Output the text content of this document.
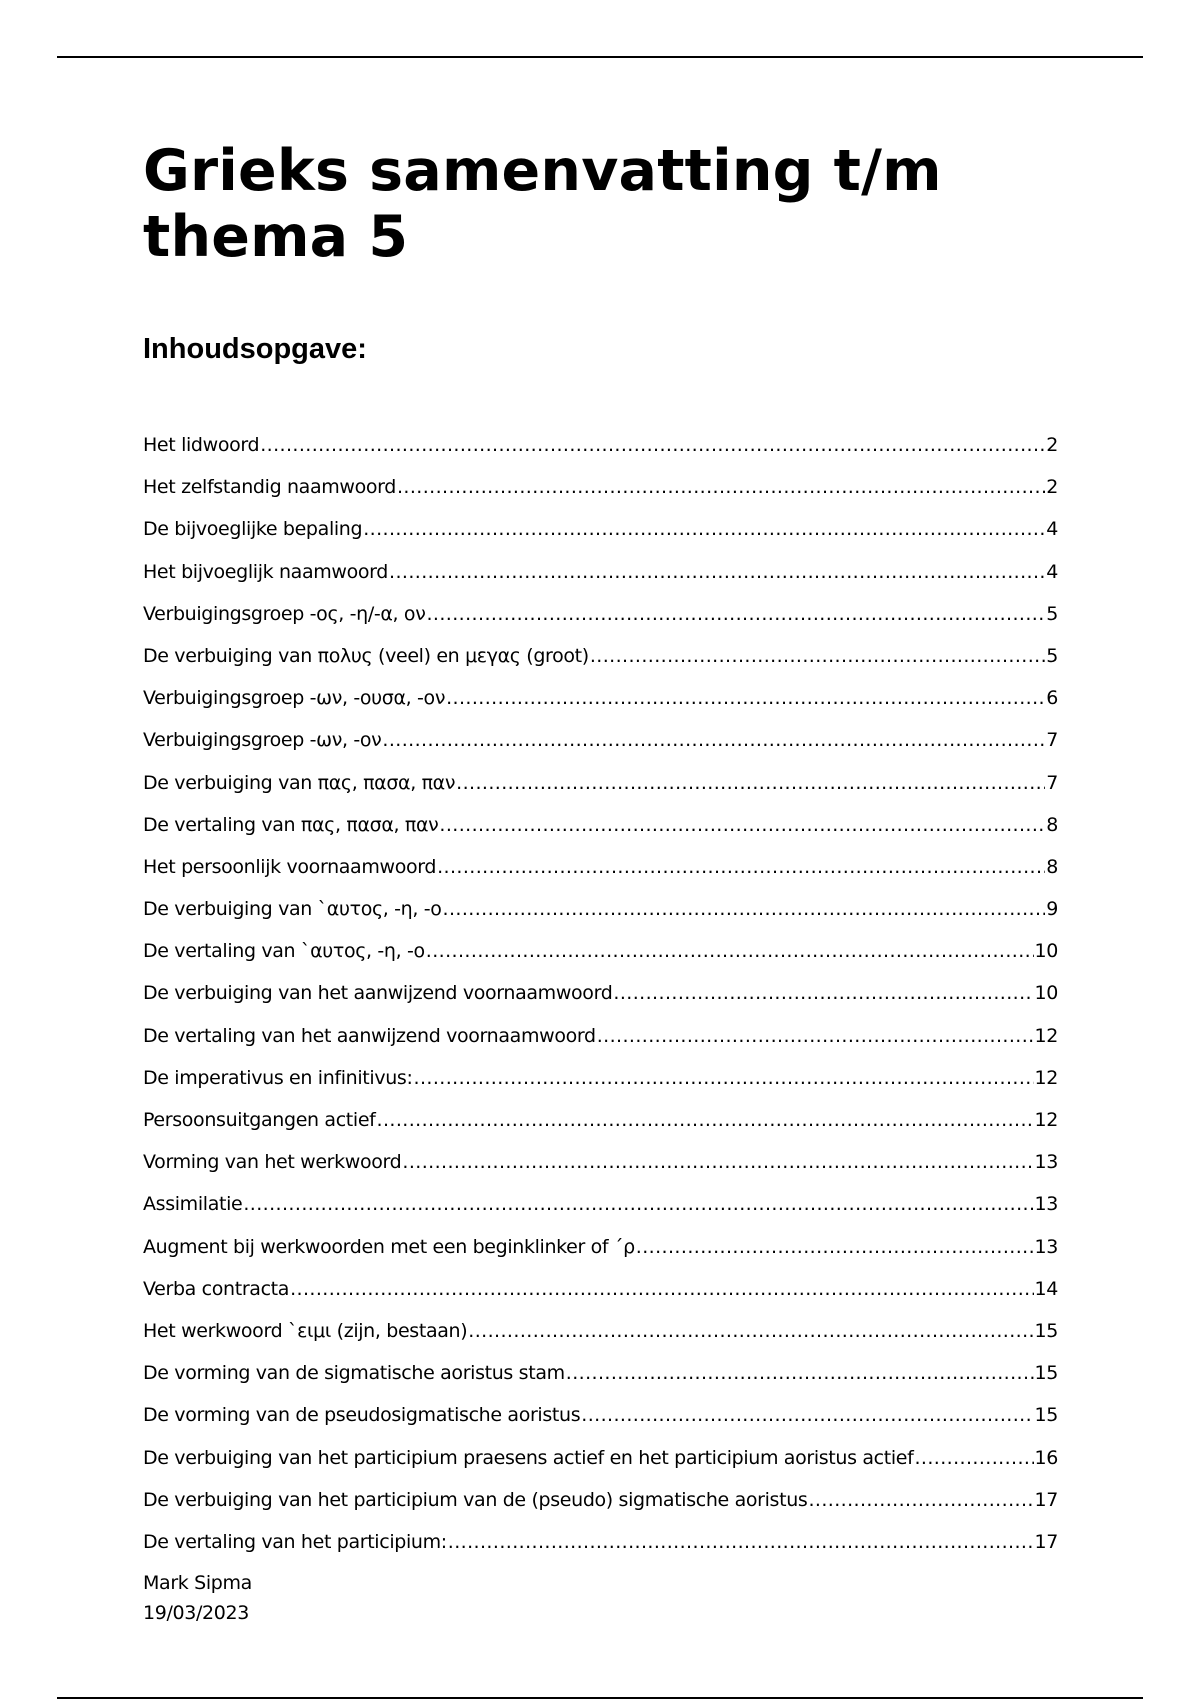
Grieks samenvatting t/m
thema 5
Inhoudsopgave:
Het lidwoord .....	2
Het zelfstandig naamwoord .....	2
De bijvoeglijke bepaling .....	4
Het bijvoeglijk naamwoord .....	4
Verbuigingsgroep -ος, -η/-α, ον .....	5
De verbuiging van πολυς (veel) en μεγας (groot) .....	5
Verbuigingsgroep -ων, -ουσα, -ον .....	6
Verbuigingsgroep -ων, -ον .....	7
De verbuiging van πας, πασα, παν .....	7
De vertaling van πας, πασα, παν .....	8
Het persoonlijk voornaamwoord .....	8
De verbuiging van `αυτος, -η, -ο .....	9
De vertaling van `αυτος, -η, -ο .....	10
De verbuiging van het aanwijzend voornaamwoord .....	10
De vertaling van het aanwijzend voornaamwoord .....	12
De imperativus en infinitivus: .....	12
Persoonsuitgangen actief .....	12
Vorming van het werkwoord .....	13
Assimilatie .....	13
Augment bij werkwoorden met een beginklinker of ΄ρ .....	13
Verba contracta .....	14
Het werkwoord `ειμι (zijn, bestaan) .....	15
De vorming van de sigmatische aoristus stam .....	15
De vorming van de pseudosigmatische aoristus .....	15
De verbuiging van het participium praesens actief en het participium aoristus actief .....	16
De verbuiging van het participium van de (pseudo) sigmatische aoristus .....	17
De vertaling van het participium: .....	17
Mark Sipma
19/03/2023
